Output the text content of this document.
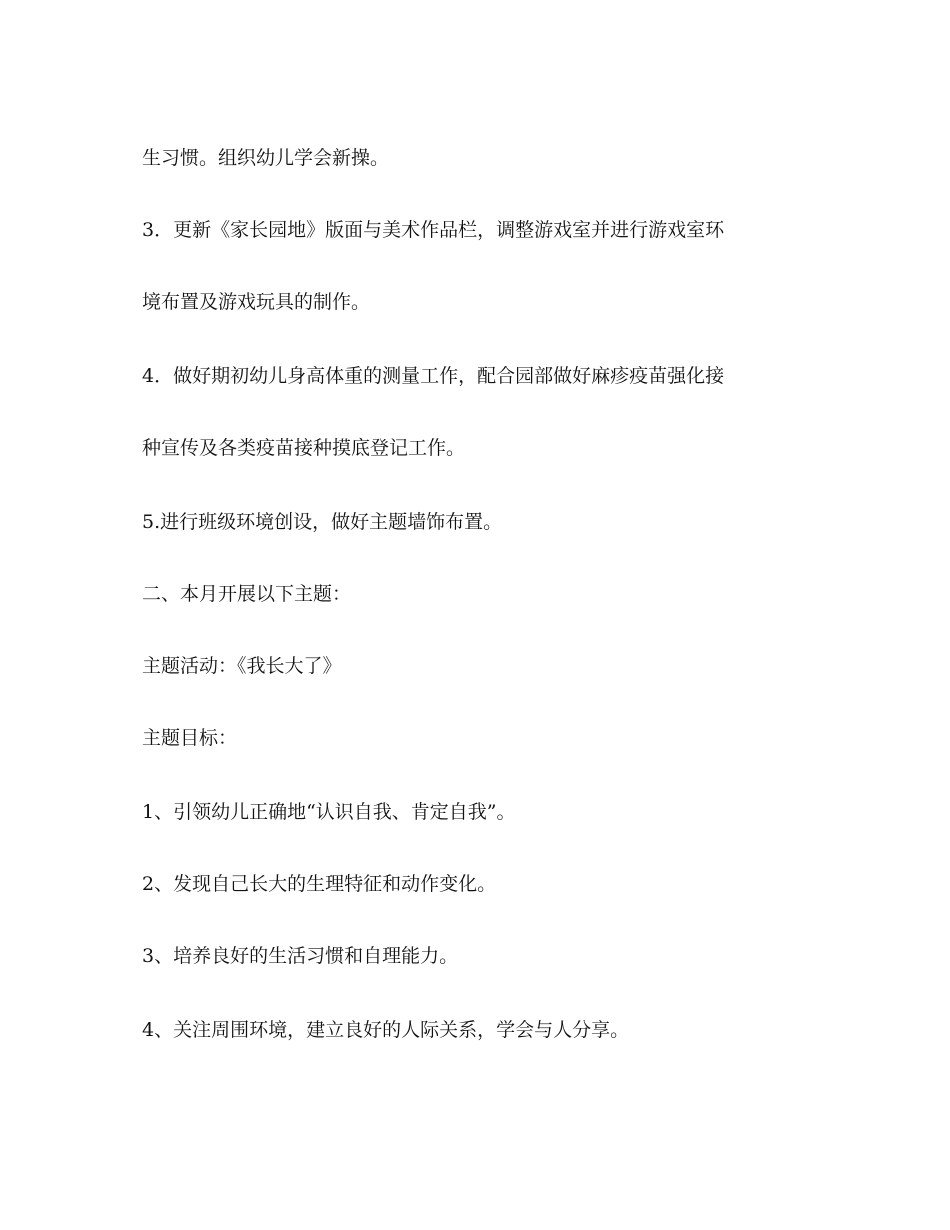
生习惯。组织幼儿学会新操。
3．更新《家长园地》版面与美术作品栏，调整游戏室并进行游戏室环
境布置及游戏玩具的制作。
4．做好期初幼儿身高体重的测量工作，配合园部做好麻疹疫苗强化接
种宣传及各类疫苗接种摸底登记工作。
5.进行班级环境创设，做好主题墙饰布置。
二、本月开展以下主题：
主题活动：《我长大了》
主题目标：
1、引领幼儿正确地“认识自我、肯定自我”。
2、发现自己长大的生理特征和动作变化。
3、培养良好的生活习惯和自理能力。
4、关注周围环境，建立良好的人际关系，学会与人分享。
